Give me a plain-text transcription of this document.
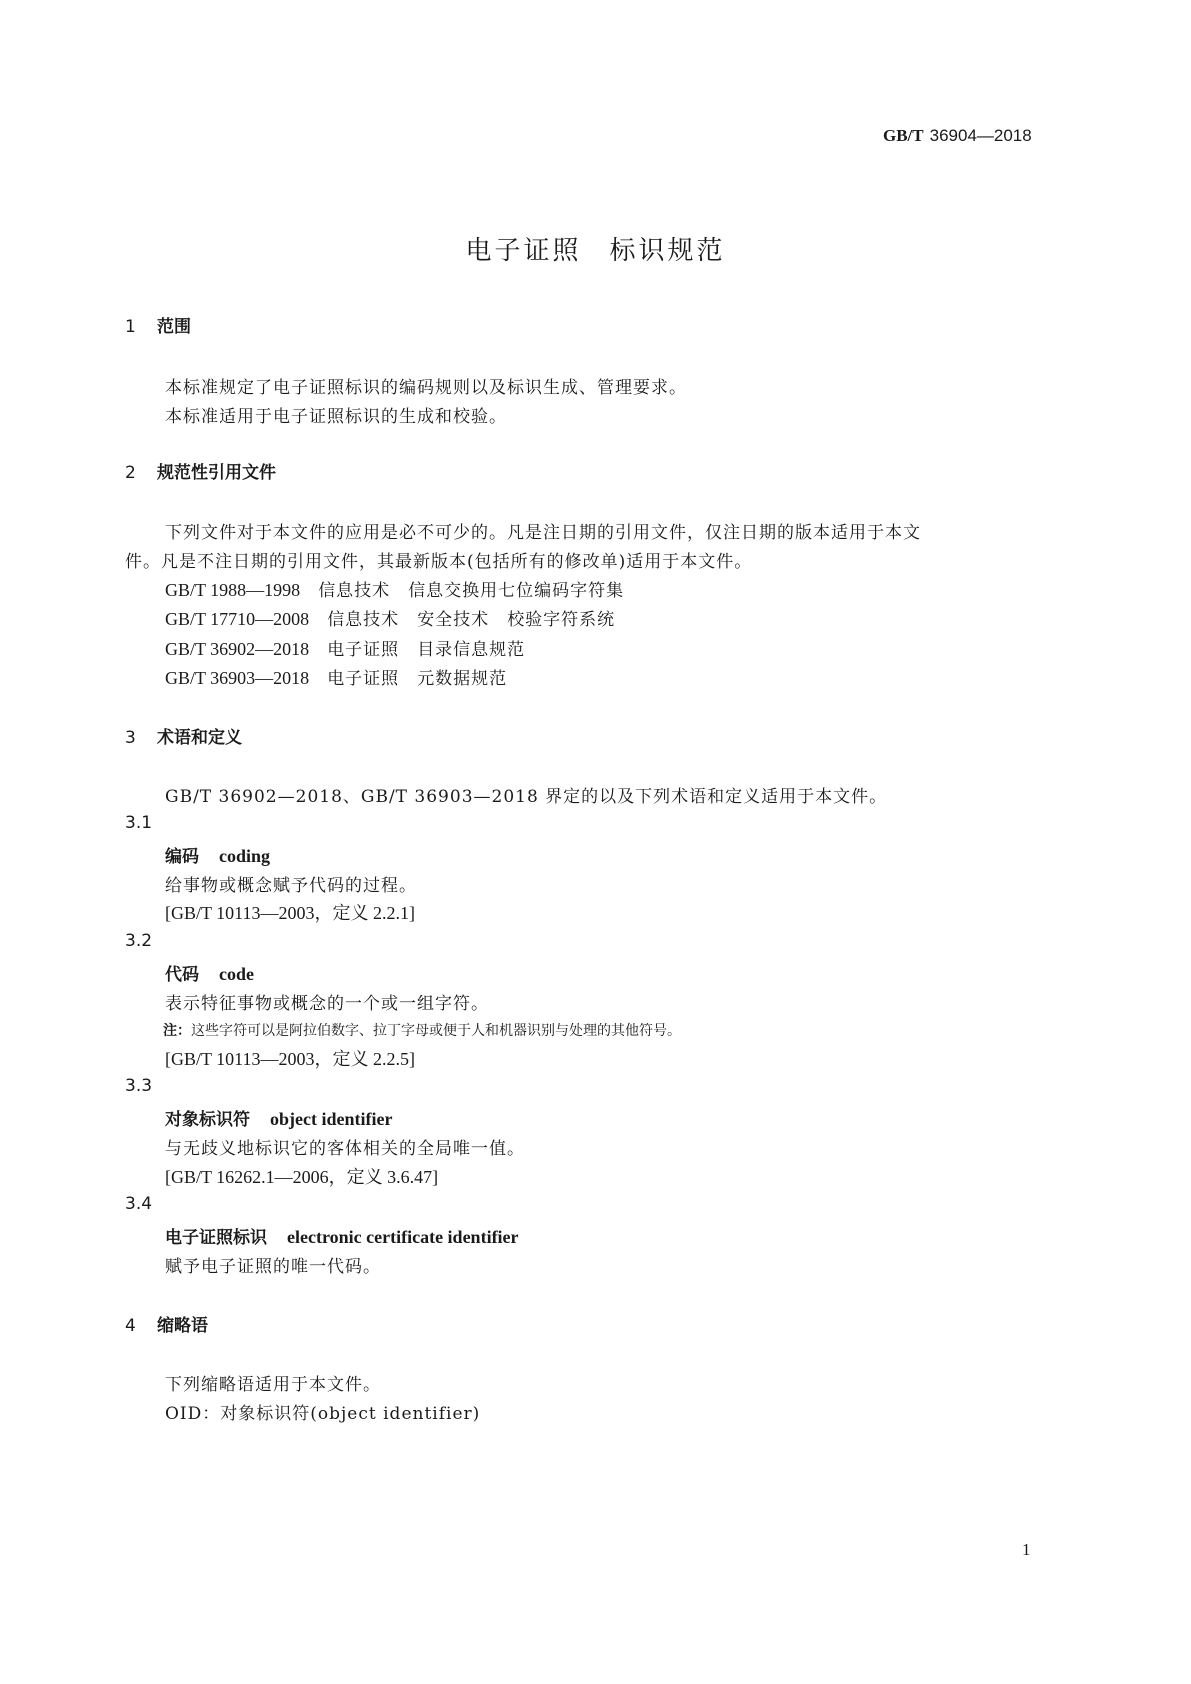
GB/T 36904—2018
电子证照 标识规范
1 范围
本标准规定了电子证照标识的编码规则以及标识生成、管理要求。
本标准适用于电子证照标识的生成和校验。
2 规范性引用文件
下列文件对于本文件的应用是必不可少的。凡是注日期的引用文件，仅注日期的版本适用于本文
件。凡是不注日期的引用文件，其最新版本(包括所有的修改单)适用于本文件。
GB/T 1988—1998 信息技术 信息交换用七位编码字符集
GB/T 17710—2008 信息技术 安全技术 校验字符系统
GB/T 36902—2018 电子证照 目录信息规范
GB/T 36903—2018 电子证照 元数据规范
3 术语和定义
GB/T 36902—2018、GB/T 36903—2018 界定的以及下列术语和定义适用于本文件。
3.1
编码 coding
给事物或概念赋予代码的过程。
[GB/T 10113—2003，定义 2.2.1]
3.2
代码 code
表示特征事物或概念的一个或一组字符。
注：这些字符可以是阿拉伯数字、拉丁字母或便于人和机器识别与处理的其他符号。
[GB/T 10113—2003，定义 2.2.5]
3.3
对象标识符 object identifier
与无歧义地标识它的客体相关的全局唯一值。
[GB/T 16262.1—2006，定义 3.6.47]
3.4
电子证照标识 electronic certificate identifier
赋予电子证照的唯一代码。
4 缩略语
下列缩略语适用于本文件。
OID：对象标识符(object identifier)
1
